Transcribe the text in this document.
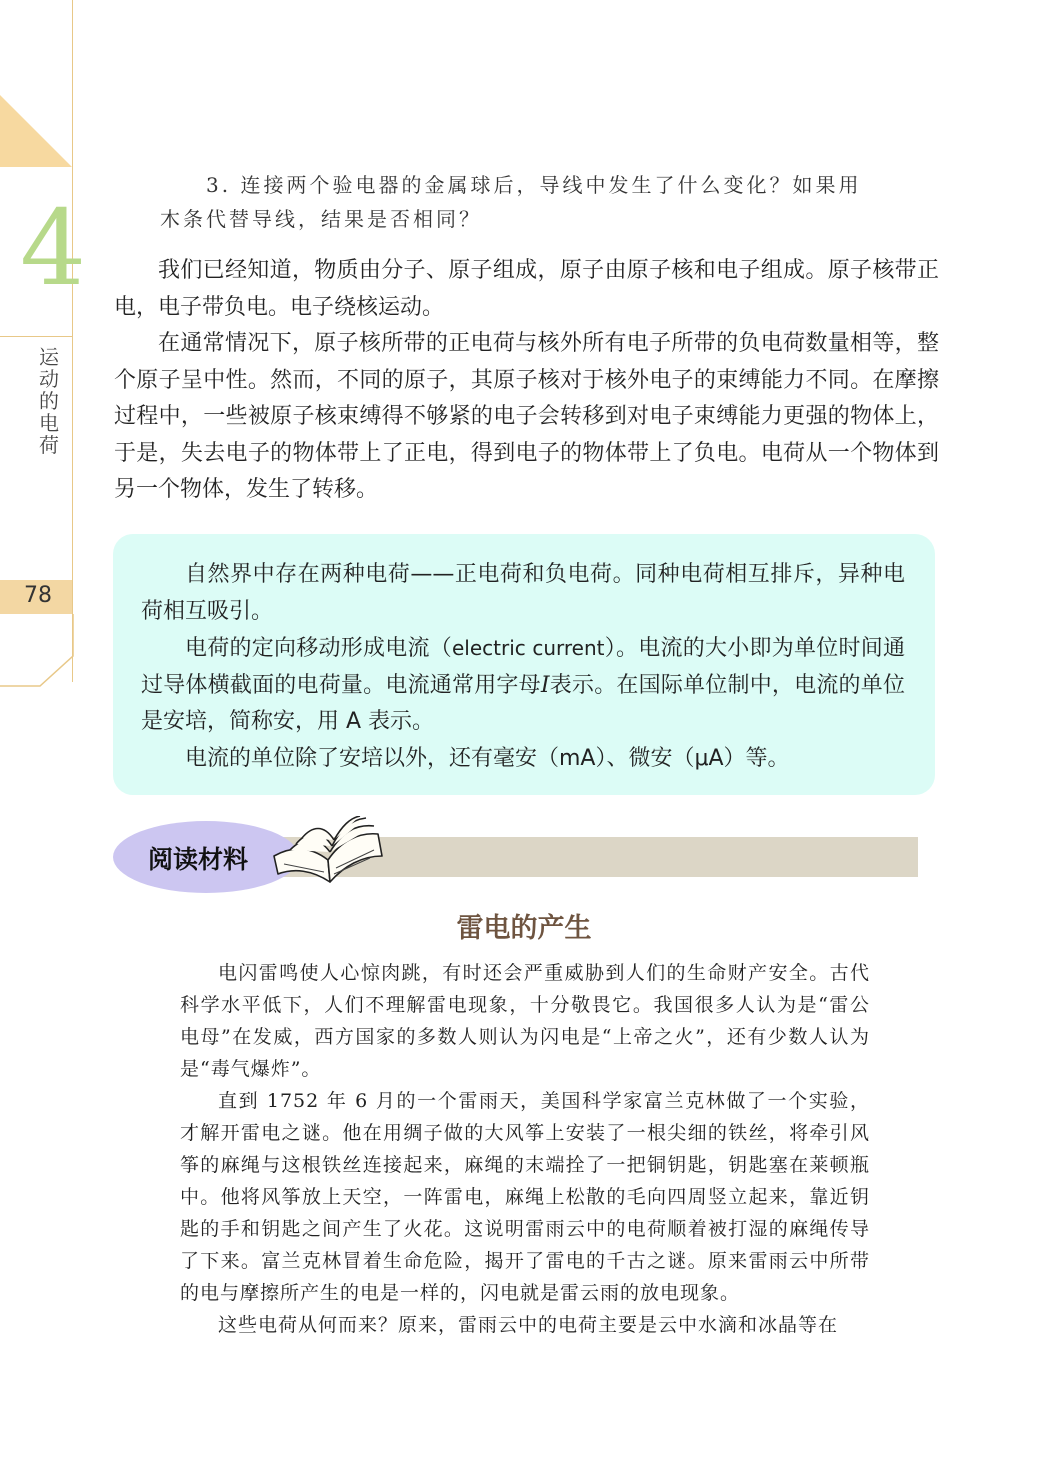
4
运动的电荷
78
3. 连接两个验电器的金属球后，导线中发生了什么变化？如果用
木条代替导线，结果是否相同？

我们已经知道，物质由分子、原子组成，原子由原子核和电子组成。原子核带正电，电子带负电。电子绕核运动。

在通常情况下，原子核所带的正电荷与核外所有电子所带的负电荷数量相等，整个原子呈中性。然而，不同的原子，其原子核对于核外电子的束缚能力不同。在摩擦过程中，一些被原子核束缚得不够紧的电子会转移到对电子束缚能力更强的物体上，于是，失去电子的物体带上了正电，得到电子的物体带上了负电。电荷从一个物体到另一个物体，发生了转移。

自然界中存在两种电荷——正电荷和负电荷。同种电荷相互排斥，异种电荷相互吸引。

电荷的定向移动形成电流（electric current）。电流的大小即为单位时间通过导体横截面的电荷量。电流通常用字母I表示。在国际单位制中，电流的单位是安培，简称安，用 A 表示。

电流的单位除了安培以外，还有毫安（mA）、微安（μA）等。

阅读材料
雷电的产生

电闪雷鸣使人心惊肉跳，有时还会严重威胁到人们的生命财产安全。古代科学水平低下，人们不理解雷电现象，十分敬畏它。我国很多人认为是“雷公电母”在发威，西方国家的多数人则认为闪电是“上帝之火”，还有少数人认为是“毒气爆炸”。

直到 1752 年 6 月的一个雷雨天，美国科学家富兰克林做了一个实验，才解开雷电之谜。他在用绸子做的大风筝上安装了一根尖细的铁丝，将牵引风筝的麻绳与这根铁丝连接起来，麻绳的末端拴了一把铜钥匙，钥匙塞在莱顿瓶中。他将风筝放上天空，一阵雷电，麻绳上松散的毛向四周竖立起来，靠近钥匙的手和钥匙之间产生了火花。这说明雷雨云中的电荷顺着被打湿的麻绳传导了下来。富兰克林冒着生命危险，揭开了雷电的千古之谜。原来雷雨云中所带的电与摩擦所产生的电是一样的，闪电就是雷云雨的放电现象。

这些电荷从何而来？原来，雷雨云中的电荷主要是云中水滴和冰晶等在
